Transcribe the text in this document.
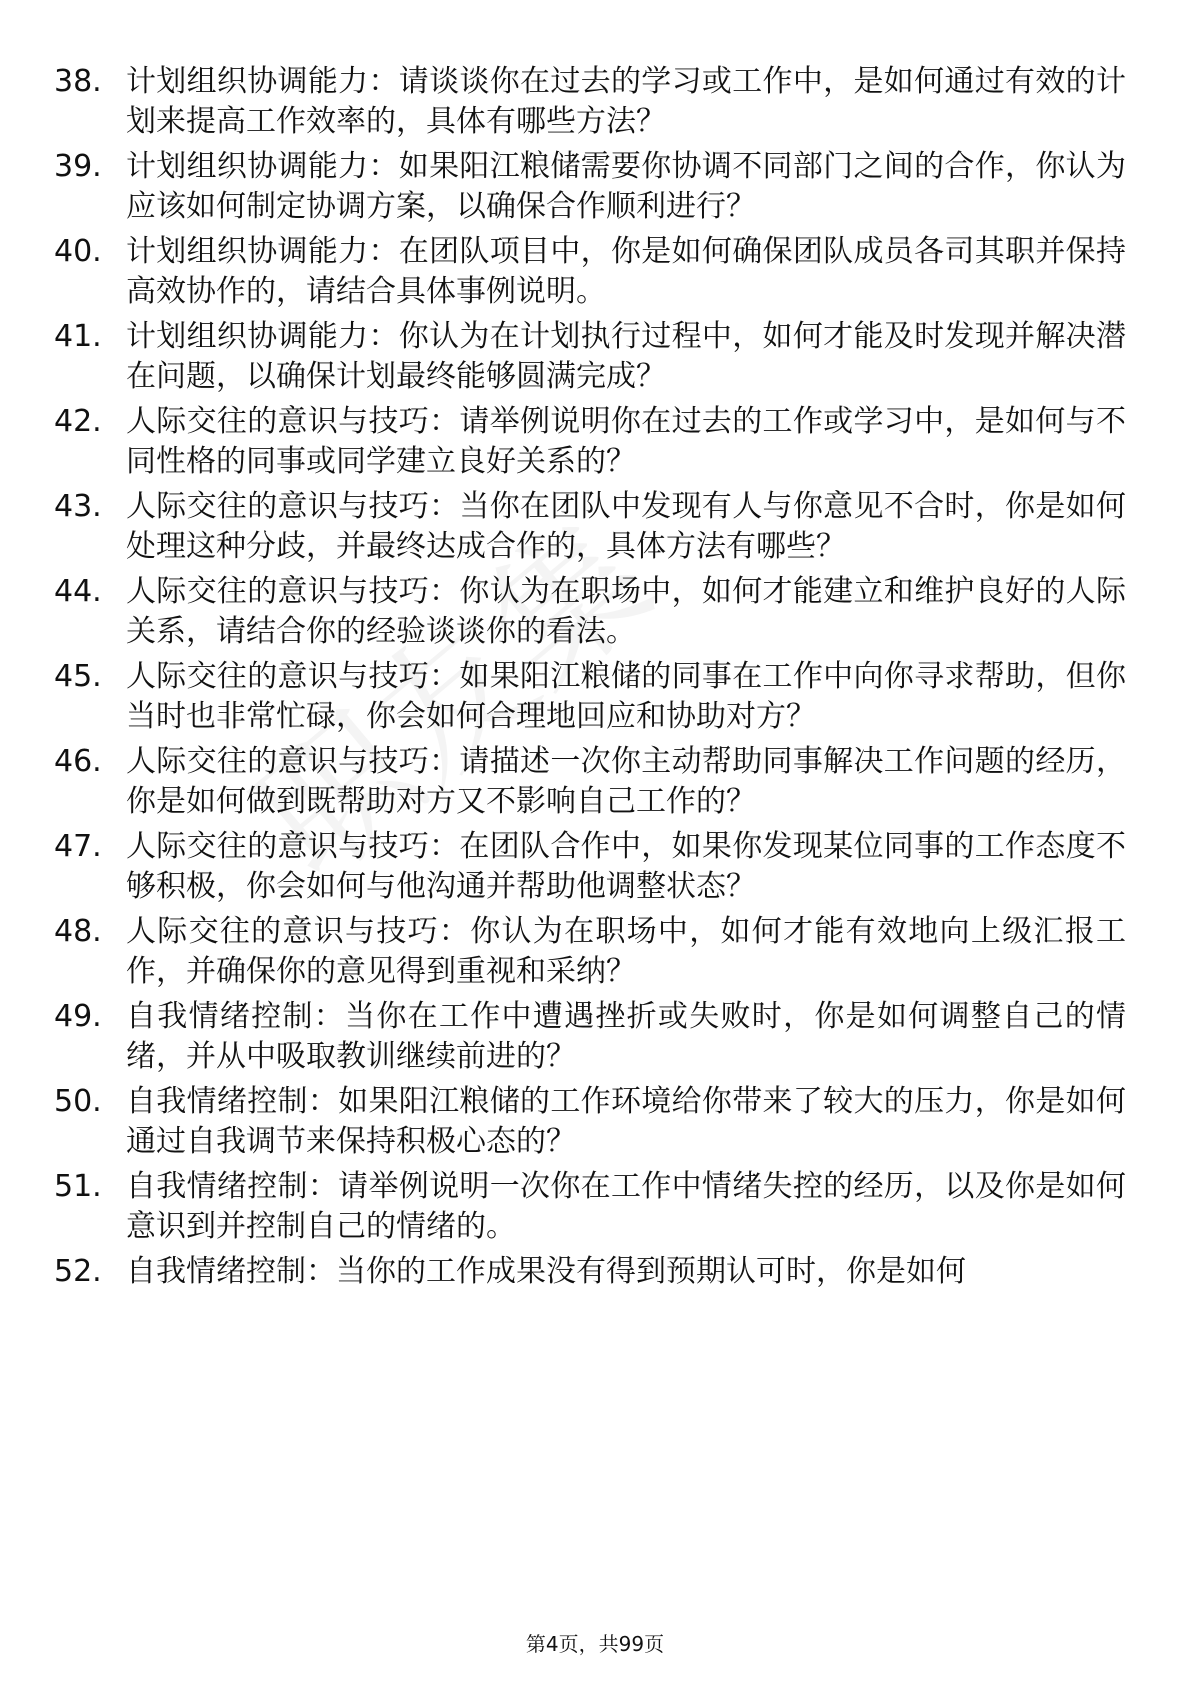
38. 计划组织协调能力：请谈谈你在过去的学习或工作中，是如何通过有效的计划来提高工作效率的，具体有哪些方法？
39. 计划组织协调能力：如果阳江粮储需要你协调不同部门之间的合作，你认为应该如何制定协调方案，以确保合作顺利进行？
40. 计划组织协调能力：在团队项目中，你是如何确保团队成员各司其职并保持高效协作的，请结合具体事例说明。
41. 计划组织协调能力：你认为在计划执行过程中，如何才能及时发现并解决潜在问题，以确保计划最终能够圆满完成？
42. 人际交往的意识与技巧：请举例说明你在过去的工作或学习中，是如何与不同性格的同事或同学建立良好关系的？
43. 人际交往的意识与技巧：当你在团队中发现有人与你意见不合时，你是如何处理这种分歧，并最终达成合作的，具体方法有哪些？
44. 人际交往的意识与技巧：你认为在职场中，如何才能建立和维护良好的人际关系，请结合你的经验谈谈你的看法。
45. 人际交往的意识与技巧：如果阳江粮储的同事在工作中向你寻求帮助，但你当时也非常忙碌，你会如何合理地回应和协助对方？
46. 人际交往的意识与技巧：请描述一次你主动帮助同事解决工作问题的经历，你是如何做到既帮助对方又不影响自己工作的？
47. 人际交往的意识与技巧：在团队合作中，如果你发现某位同事的工作态度不够积极，你会如何与他沟通并帮助他调整状态？
48. 人际交往的意识与技巧：你认为在职场中，如何才能有效地向上级汇报工作，并确保你的意见得到重视和采纳？
49. 自我情绪控制：当你在工作中遭遇挫折或失败时，你是如何调整自己的情绪，并从中吸取教训继续前进的？
50. 自我情绪控制：如果阳江粮储的工作环境给你带来了较大的压力，你是如何通过自我调节来保持积极心态的？
51. 自我情绪控制：请举例说明一次你在工作中情绪失控的经历，以及你是如何意识到并控制自己的情绪的。
52. 自我情绪控制：当你的工作成果没有得到预期认可时，你是如何
第4页，共99页
